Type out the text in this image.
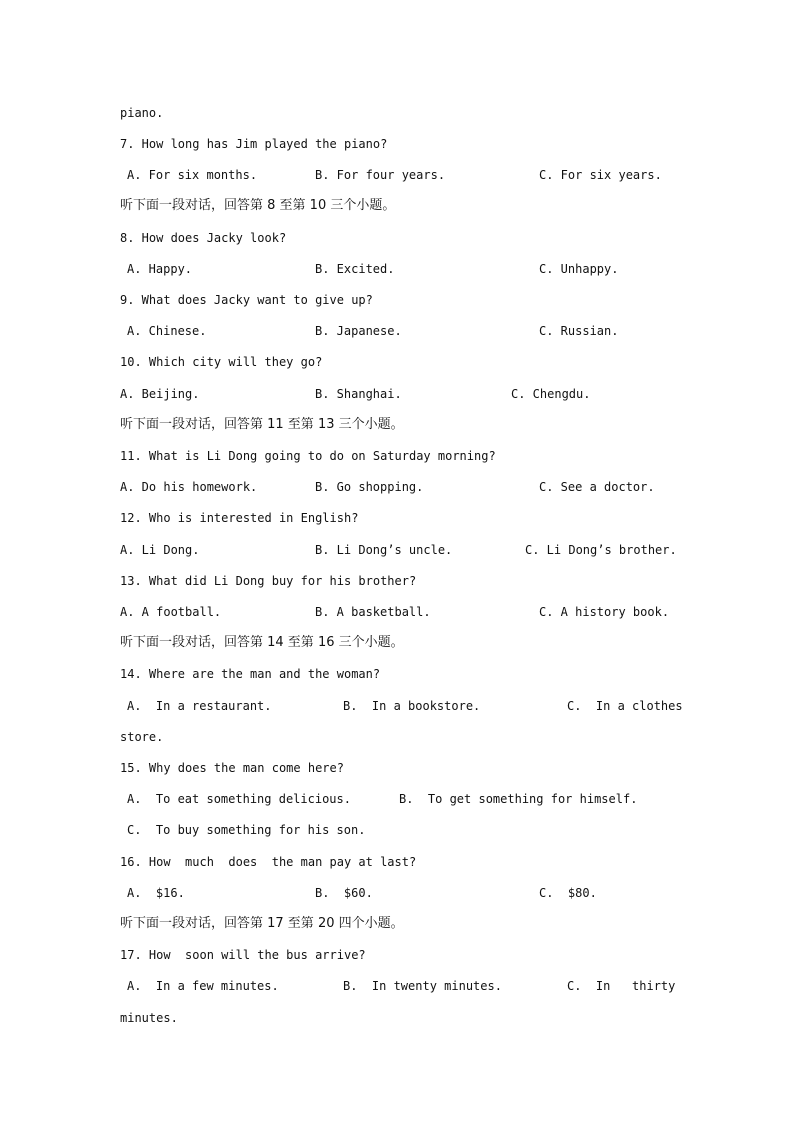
piano.
7. How long has Jim played the piano?

A. For six months.

	B. For four years.

	C. For six years.

听下面一段对话，回答第 8 至第 10 三个小题。
8. How does Jacky look?

A. Happy.

	B. Excited.

	C. Unhappy.

9. What does Jacky want to give up?

A. Chinese.

	B. Japanese.

	C. Russian.

10. Which city will they go?

A. Beijing.

	B. Shanghai.

	C. Chengdu.

听下面一段对话，回答第 11 至第 13 三个小题。
11. What is Li Dong going to do on Saturday morning?

A. Do his homework.

	B. Go shopping.

	C. See a doctor.

12. Who is interested in English?

A. Li Dong.

	B. Li Dong’s uncle.

	C. Li Dong’s brother.

13. What did Li Dong buy for his brother?

A. A football.

	B. A basketball.

	C. A history book.

听下面一段对话，回答第 14 至第 16 三个小题。
14. Where are the man and the woman?

A.  In a restaurant.

	B.  In a bookstore.

	C.  In a clothes

store.
15. Why does the man come here?

A.  To eat something delicious.

	B.  To get something for himself.

C.  To buy something for his son.

16. How  much  does  the man pay at last?

A.  $16.

	B.  $60.

	C.  $80.

听下面一段对话，回答第 17 至第 20 四个小题。
17. How  soon will the bus arrive?

A.  In a few minutes.

	B.  In twenty minutes.

	C.  In   thirty

minutes.
